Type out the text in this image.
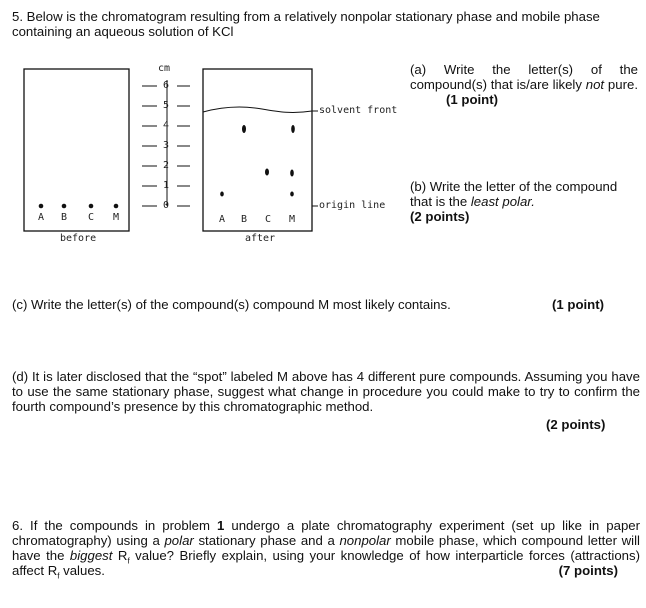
5. Below is the chromatogram resulting from a relatively nonpolar stationary phase and mobile phase containing an aqueous solution of KCl
cm
6
5
4
3
2
1
0
A B C M
before
A B C M
after
solvent front
origin line
(a) Write the letter(s) of the compound(s) that is/are likely not pure. (1 point)
(b) Write the letter of the compound that is the least polar.
(2 points)
(c) Write the letter(s) of the compound(s) compound M most likely contains.	(1 point)
(d) It is later disclosed that the “spot” labeled M above has 4 different pure compounds. Assuming you have to use the same stationary phase, suggest what change in procedure you could make to try to confirm the fourth compound’s presence by this chromatographic method.
(2 points)
6. If the compounds in problem 1 undergo a plate chromatography experiment (set up like in paper chromatography) using a polar stationary phase and a nonpolar mobile phase, which compound letter will have the biggest $R_f$ value? Briefly explain, using your knowledge of how interparticle forces (attractions) affect $R_f$ values.	(7 points)
